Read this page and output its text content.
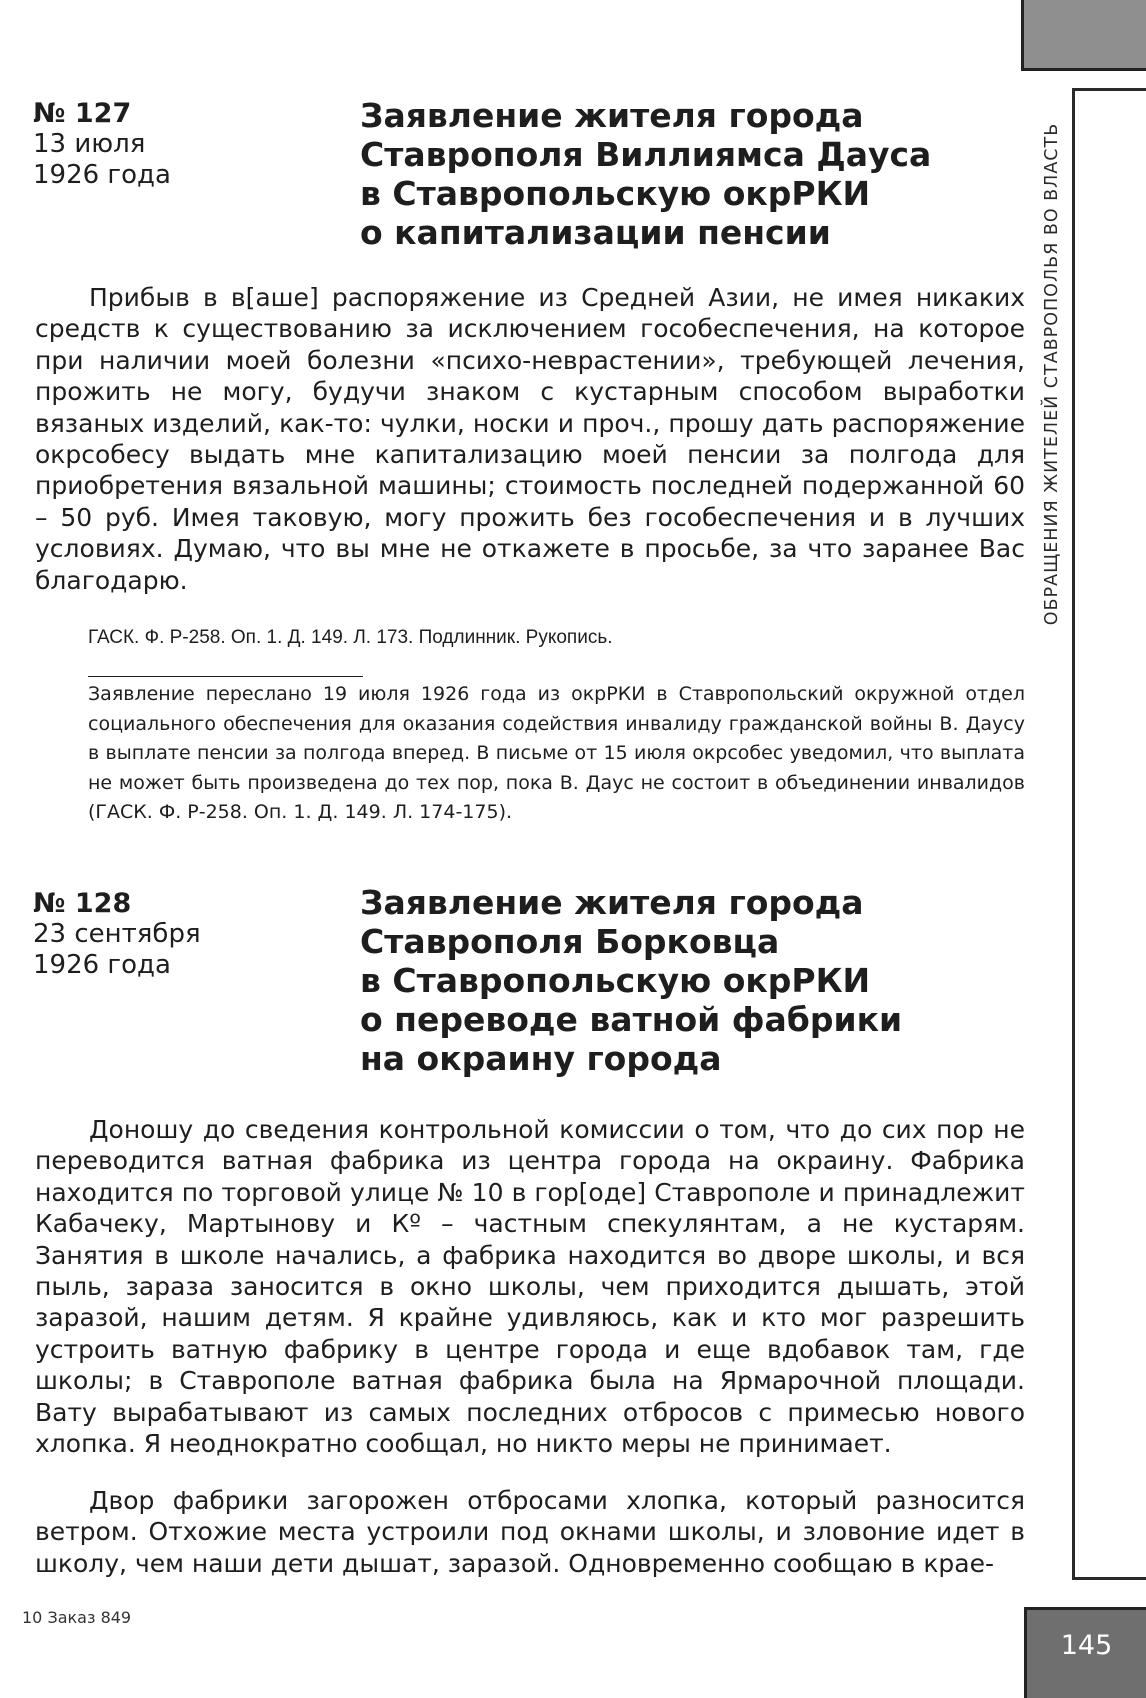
ОБРАЩЕНИЯ ЖИТЕЛЕЙ СТАВРОПОЛЬЯ ВО ВЛАСТЬ
№ 127
13 июля
1926 года
Заявление жителя города
Ставрополя Виллиямса Дауса
в Ставропольскую окрРКИ
о капитализации пенсии

Прибыв в в[аше] распоряжение из Средней Азии, не имея никаких средств к существованию за исключением гособеспечения, на которое при наличии моей болезни «психо-неврастении», требующей лечения, прожить не могу, будучи знаком с кустарным способом выработки вязаных изделий, как-то: чулки, носки и проч., прошу дать распоряжение окрсобесу выдать мне капитализацию моей пенсии за полгода для приобретения вязальной машины; стоимость последней подержанной 60 – 50 руб. Имея таковую, могу прожить без гособеспечения и в лучших условиях. Думаю, что вы мне не откажете в просьбе, за что заранее Вас благодарю.

ГАСК. Ф. Р-258. Оп. 1. Д. 149. Л. 173. Подлинник. Рукопись.

Заявление переслано 19 июля 1926 года из окрРКИ в Ставропольский окружной отдел социального обеспечения для оказания содействия инвалиду гражданской войны В. Даусу в выплате пенсии за полгода вперед. В письме от 15 июля окрсобес уведомил, что выплата не может быть произведена до тех пор, пока В. Даус не состоит в объединении инвалидов (ГАСК. Ф. Р-258. Оп. 1. Д. 149. Л. 174-175).

№ 128
23 сентября
1926 года
Заявление жителя города
Ставрополя Борковца
в Ставропольскую окрРКИ
о переводе ватной фабрики
на окраину города

Доношу до сведения контрольной комиссии о том, что до сих пор не переводится ватная фабрика из центра города на окраину. Фабрика находится по торговой улице № 10 в гор[оде] Ставрополе и принадлежит Кабачеку, Мартынову и Кº – частным спекулянтам, а не кустарям. Занятия в школе начались, а фабрика находится во дворе школы, и вся пыль, зараза заносится в окно школы, чем приходится дышать, этой заразой, нашим детям. Я крайне удивляюсь, как и кто мог разрешить устроить ватную фабрику в центре города и еще вдобавок там, где школы; в Ставрополе ватная фабрика была на Ярмарочной площади. Вату вырабатывают из самых последних отбросов с примесью нового хлопка. Я неоднократно сообщал, но никто меры не принимает.

Двор фабрики загорожен отбросами хлопка, который разносится ветром. Отхожие места устроили под окнами школы, и зловоние идет в школу, чем наши дети дышат, заразой. Одновременно сообщаю в крае-

10 Заказ 849
145
